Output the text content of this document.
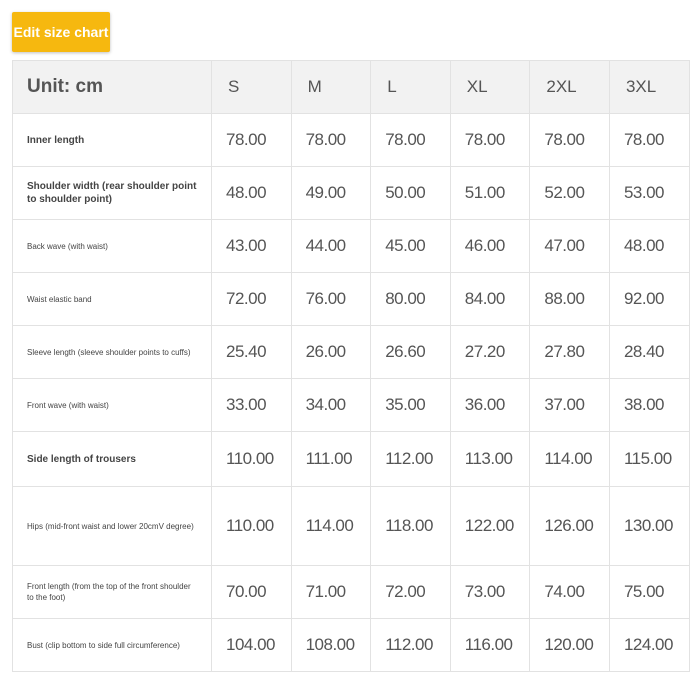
Edit size chart
Unit: cm	S	M	L	XL	2XL	3XL
Inner length	78.00	78.00	78.00	78.00	78.00	78.00
Shoulder width (rear shoulder point to shoulder point)	48.00	49.00	50.00	51.00	52.00	53.00
Back wave (with waist)	43.00	44.00	45.00	46.00	47.00	48.00
Waist elastic band	72.00	76.00	80.00	84.00	88.00	92.00
Sleeve length (sleeve shoulder points to cuffs)	25.40	26.00	26.60	27.20	27.80	28.40
Front wave (with waist)	33.00	34.00	35.00	36.00	37.00	38.00
Side length of trousers	110.00	111.00	112.00	113.00	114.00	115.00
Hips (mid-front waist and lower 20cmV degree)	110.00	114.00	118.00	122.00	126.00	130.00
Front length (from the top of the front shoulder to the foot)	70.00	71.00	72.00	73.00	74.00	75.00
Bust (clip bottom to side full circumference)	104.00	108.00	112.00	116.00	120.00	124.00
